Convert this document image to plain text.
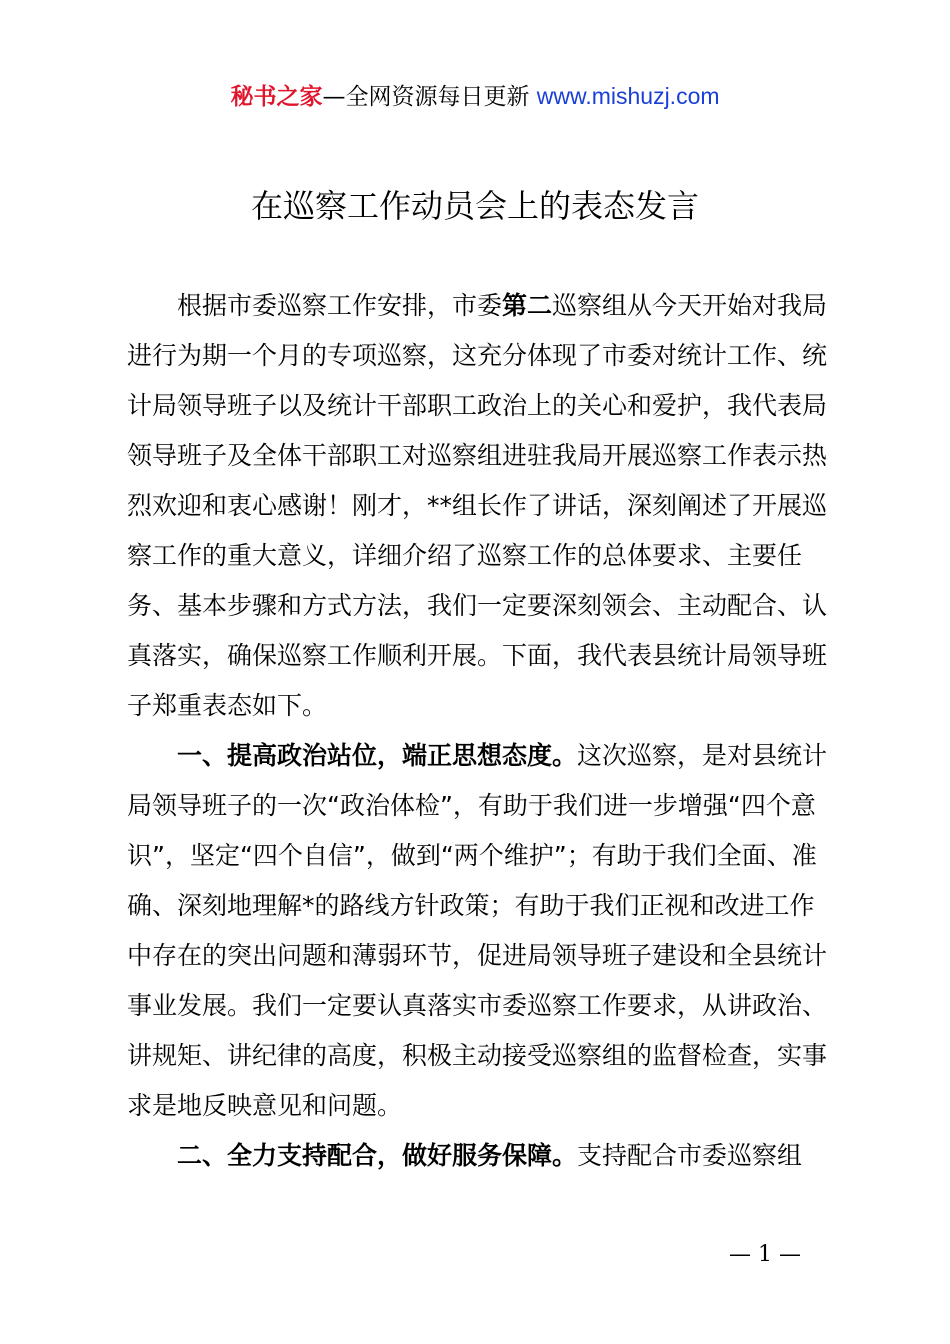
秘书之家—全网资源每日更新 www.mishuzj.com
在巡察工作动员会上的表态发言

根据市委巡察工作安排，市委第二巡察组从今天开始对我局进行为期一个月的专项巡察，这充分体现了市委对统计工作、统计局领导班子以及统计干部职工政治上的关心和爱护，我代表局领导班子及全体干部职工对巡察组进驻我局开展巡察工作表示热烈欢迎和衷心感谢！刚才，**组长作了讲话，深刻阐述了开展巡察工作的重大意义，详细介绍了巡察工作的总体要求、主要任务、基本步骤和方式方法，我们一定要深刻领会、主动配合、认真落实，确保巡察工作顺利开展。下面，我代表县统计局领导班子郑重表态如下。

一、提高政治站位，端正思想态度。这次巡察，是对县统计局领导班子的一次“政治体检”，有助于我们进一步增强“四个意识”，坚定“四个自信”，做到“两个维护”；有助于我们全面、准确、深刻地理解*的路线方针政策；有助于我们正视和改进工作中存在的突出问题和薄弱环节，促进局领导班子建设和全县统计事业发展。我们一定要认真落实市委巡察工作要求，从讲政治、讲规矩、讲纪律的高度，积极主动接受巡察组的监督检查，实事求是地反映意见和问题。

二、全力支持配合，做好服务保障。支持配合市委巡察组

— 1 —
